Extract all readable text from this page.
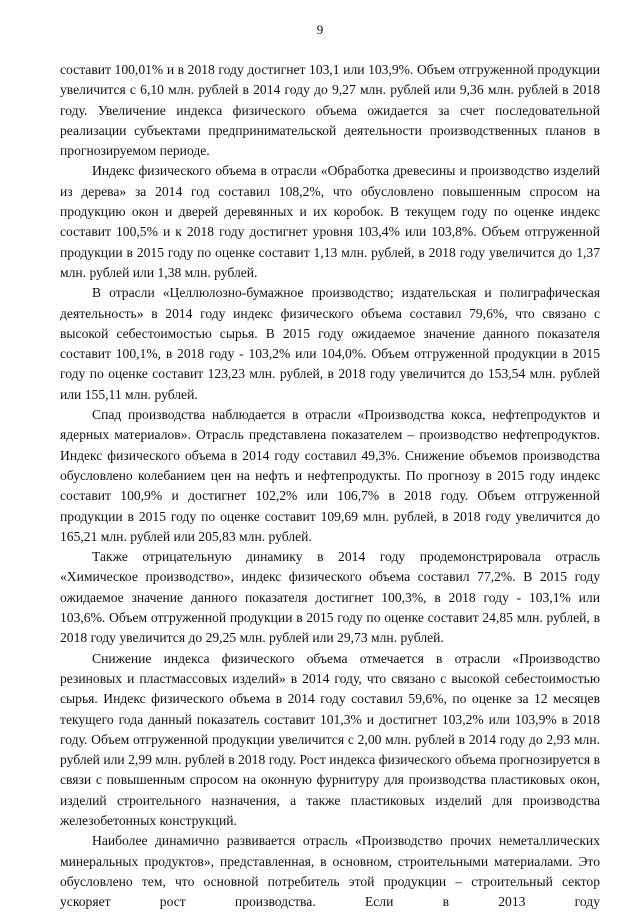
9

составит 100,01% и в 2018 году достигнет 103,1 или 103,9%. Объем отгруженной продукции увеличится с 6,10 млн. рублей в 2014 году до 9,27 млн. рублей или 9,36 млн. рублей в 2018 году. Увеличение индекса физического объема ожидается за счет последовательной реализации субъектами предпринимательской деятельности производственных планов в прогнозируемом периоде.

Индекс физического объема в отрасли «Обработка древесины и производство изделий из дерева» за 2014 год составил 108,2%, что обусловлено повышенным спросом на продукцию окон и дверей деревянных и их коробок. В текущем году по оценке индекс составит 100,5% и к 2018 году достигнет уровня 103,4% или 103,8%. Объем отгруженной продукции в 2015 году по оценке составит 1,13 млн. рублей, в 2018 году увеличится до 1,37 млн. рублей или 1,38 млн. рублей.

В отрасли «Целлюлозно-бумажное производство; издательская и полиграфическая деятельность» в 2014 году индекс физического объема составил 79,6%, что связано с высокой себестоимостью сырья. В 2015 году ожидаемое значение данного показателя составит 100,1%, в 2018 году - 103,2% или 104,0%. Объем отгруженной продукции в 2015 году по оценке составит 123,23 млн. рублей, в 2018 году увеличится до 153,54 млн. рублей или 155,11 млн. рублей.

Спад производства наблюдается в отрасли «Производства кокса, нефтепродуктов и ядерных материалов». Отрасль представлена показателем – производство нефтепродуктов. Индекс физического объема в 2014 году составил 49,3%. Снижение объемов производства обусловлено колебанием цен на нефть и нефтепродукты. По прогнозу в 2015 году индекс составит 100,9% и достигнет 102,2% или 106,7% в 2018 году. Объем отгруженной продукции в 2015 году по оценке составит 109,69 млн. рублей, в 2018 году увеличится до 165,21 млн. рублей или 205,83 млн. рублей.

Также отрицательную динамику в 2014 году продемонстрировала отрасль «Химическое производство», индекс физического объема составил 77,2%. В 2015 году ожидаемое значение данного показателя достигнет 100,3%, в 2018 году - 103,1% или 103,6%. Объем отгруженной продукции в 2015 году по оценке составит 24,85 млн. рублей, в 2018 году увеличится до 29,25 млн. рублей или 29,73 млн. рублей.

Снижение индекса физического объема отмечается в отрасли «Производство резиновых и пластмассовых изделий» в 2014 году, что связано с высокой себестоимостью сырья. Индекс физического объема в 2014 году составил 59,6%, по оценке за 12 месяцев текущего года данный показатель составит 101,3% и достигнет 103,2% или 103,9% в 2018 году. Объем отгруженной продукции увеличится с 2,00 млн. рублей в 2014 году до 2,93 млн. рублей или 2,99 млн. рублей в 2018 году. Рост индекса физического объема прогнозируется в связи с повышенным спросом на оконную фурнитуру для производства пластиковых окон, изделий строительного назначения, а также пластиковых изделий для производства железобетонных конструкций.

Наиболее динамично развивается отрасль «Производство прочих неметаллических минеральных продуктов», представленная, в основном, строительными материалами. Это обусловлено тем, что основной потребитель этой продукции – строительный сектор ускоряет рост производства. Если в 2013 году
